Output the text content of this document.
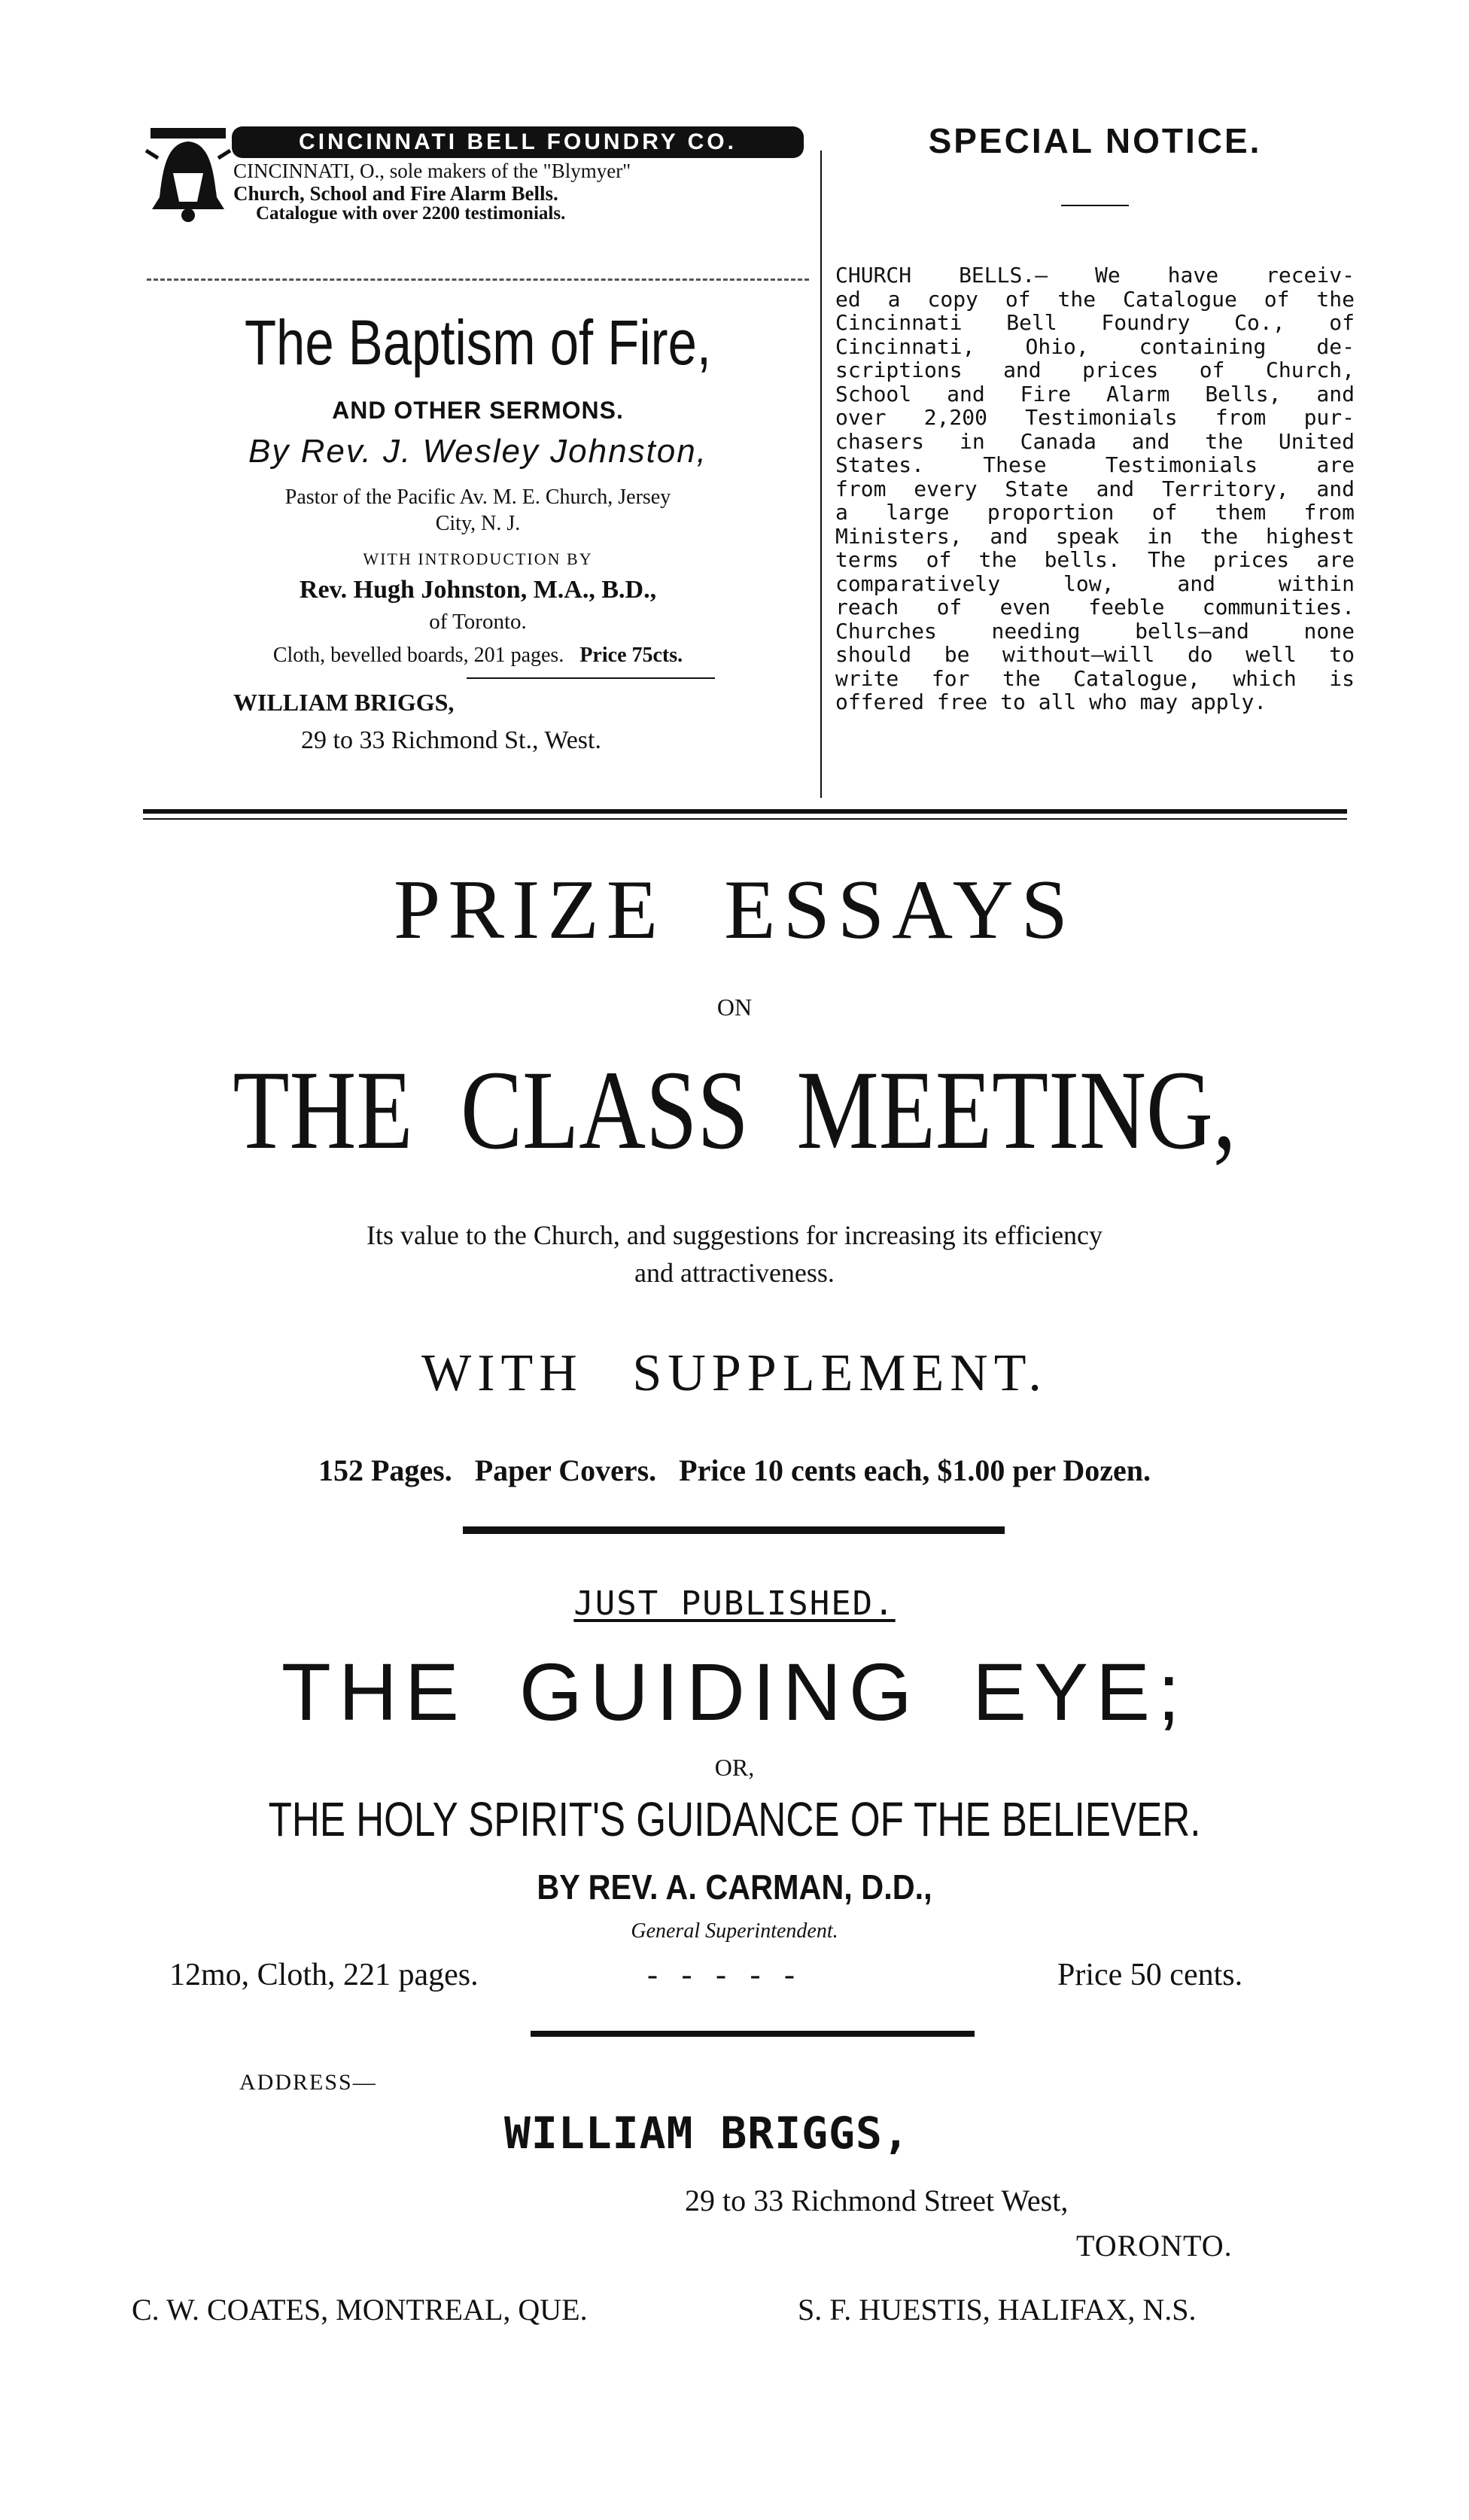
CINCINNATI BELL FOUNDRY CO.
CINCINNATI, O., sole makers of the "Blymyer"
Church, School and Fire Alarm Bells.
Catalogue with over 2200 testimonials.
The Baptism of Fire,
AND OTHER SERMONS.
By Rev. J. Wesley Johnston,
Pastor of the Pacific Av. M. E. Church, Jersey
City, N. J.
WITH INTRODUCTION BY
Rev. Hugh Johnston, M.A., B.D.,
of Toronto.
Cloth, bevelled boards, 201 pages. Price 75cts.
WILLIAM BRIGGS,
29 to 33 Richmond St., West.
SPECIAL NOTICE.
CHURCH BELLS.— We have receiv-
ed a copy of the Catalogue of the
Cincinnati Bell Foundry Co., of
Cincinnati, Ohio, containing de-
scriptions and prices of Church,
School and Fire Alarm Bells, and
over 2,200 Testimonials from pur-
chasers in Canada and the United
States. These Testimonials are
from every State and Territory, and
a large proportion of them from
Ministers, and speak in the highest
terms of the bells. The prices are
comparatively low, and within
reach of even feeble communities.
Churches needing bells—and none
should be without—will do well to
write for the Catalogue, which is
offered free to all who may apply.
PRIZE ESSAYS
ON
THE CLASS MEETING,
Its value to the Church, and suggestions for increasing its efficiency
and attractiveness.
WITH SUPPLEMENT.
152 Pages.   Paper Covers.   Price 10 cents each, $1.00 per Dozen.
JUST PUBLISHED.
THE GUIDING EYE;
OR,
THE HOLY SPIRIT'S GUIDANCE OF THE BELIEVER.
BY REV. A. CARMAN, D.D.,
General Superintendent.
12mo, Cloth, 221 pages.	-   -   -   -   -	Price 50 cents.
ADDRESS—
WILLIAM BRIGGS,
29 to 33 Richmond Street West,
TORONTO.
C. W. COATES, MONTREAL, QUE.	S. F. HUESTIS, HALIFAX, N.S.
